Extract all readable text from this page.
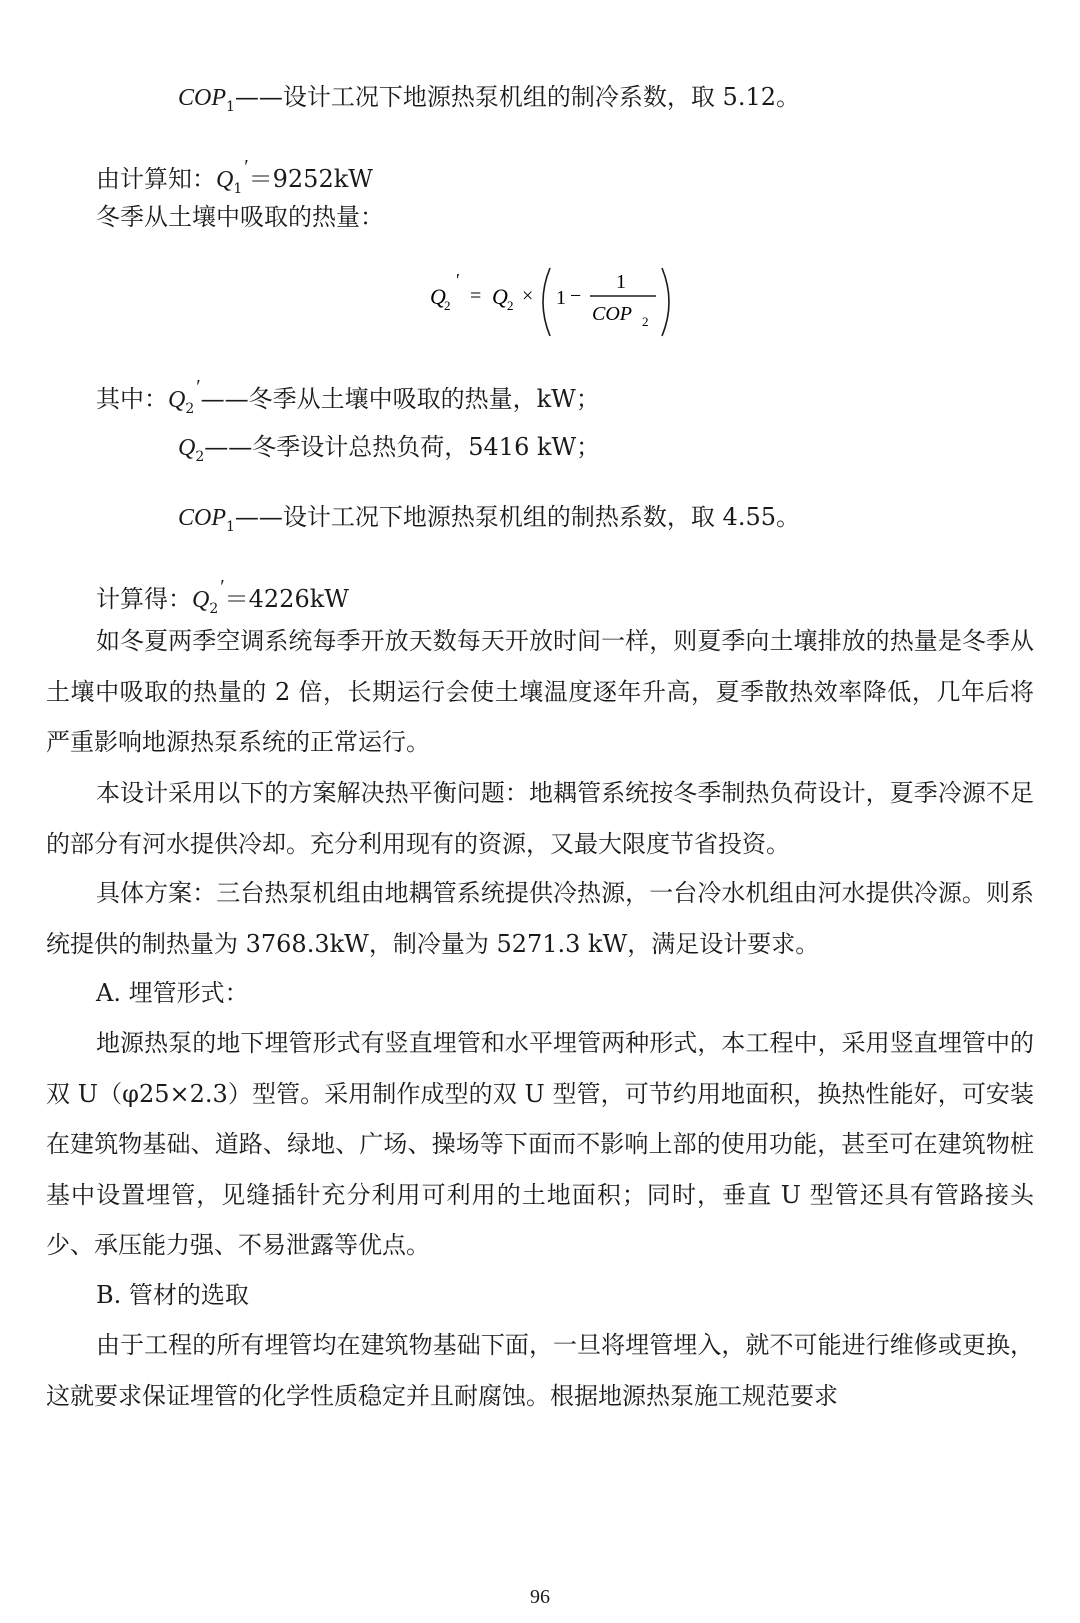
$COP_1——$设计工况下地源热泵机组的制冷系数，取 5.12。
由计算知：$Q_1'=9252kW$
冬季从土壤中吸取的热量：
Q
2
′
= Q 2 × 1 −
1
COP 2
其中：$Q_2'——$冬季从土壤中吸取的热量，kW；
$Q_2——$冬季设计总热负荷，5416 kW；
$COP_1——$设计工况下地源热泵机组的制热系数，取 4.55。
计算得：$Q_2'=4226kW$
如冬夏两季空调系统每季开放天数每天开放时间一样，则夏季向土壤排放的热量是冬季从土壤中吸取的热量的 2 倍，长期运行会使土壤温度逐年升高，夏季散热效率降低，几年后将严重影响地源热泵系统的正常运行。
本设计采用以下的方案解决热平衡问题：地耦管系统按冬季制热负荷设计，夏季冷源不足的部分有河水提供冷却。充分利用现有的资源，又最大限度节省投资。
具体方案：三台热泵机组由地耦管系统提供冷热源，一台冷水机组由河水提供冷源。则系统提供的制热量为 3768.3kW，制冷量为 5271.3 kW，满足设计要求。
A. 埋管形式：
地源热泵的地下埋管形式有竖直埋管和水平埋管两种形式，本工程中，采用竖直埋管中的双 U（φ25×2.3）型管。采用制作成型的双 U 型管，可节约用地面积，换热性能好，可安装在建筑物基础、道路、绿地、广场、操场等下面而不影响上部的使用功能，甚至可在建筑物桩基中设置埋管，见缝插针充分利用可利用的土地面积；同时，垂直 U 型管还具有管路接头少、承压能力强、不易泄露等优点。
B. 管材的选取
由于工程的所有埋管均在建筑物基础下面，一旦将埋管埋入，就不可能进行维修或更换，这就要求保证埋管的化学性质稳定并且耐腐蚀。根据地源热泵施工规范要求
96
